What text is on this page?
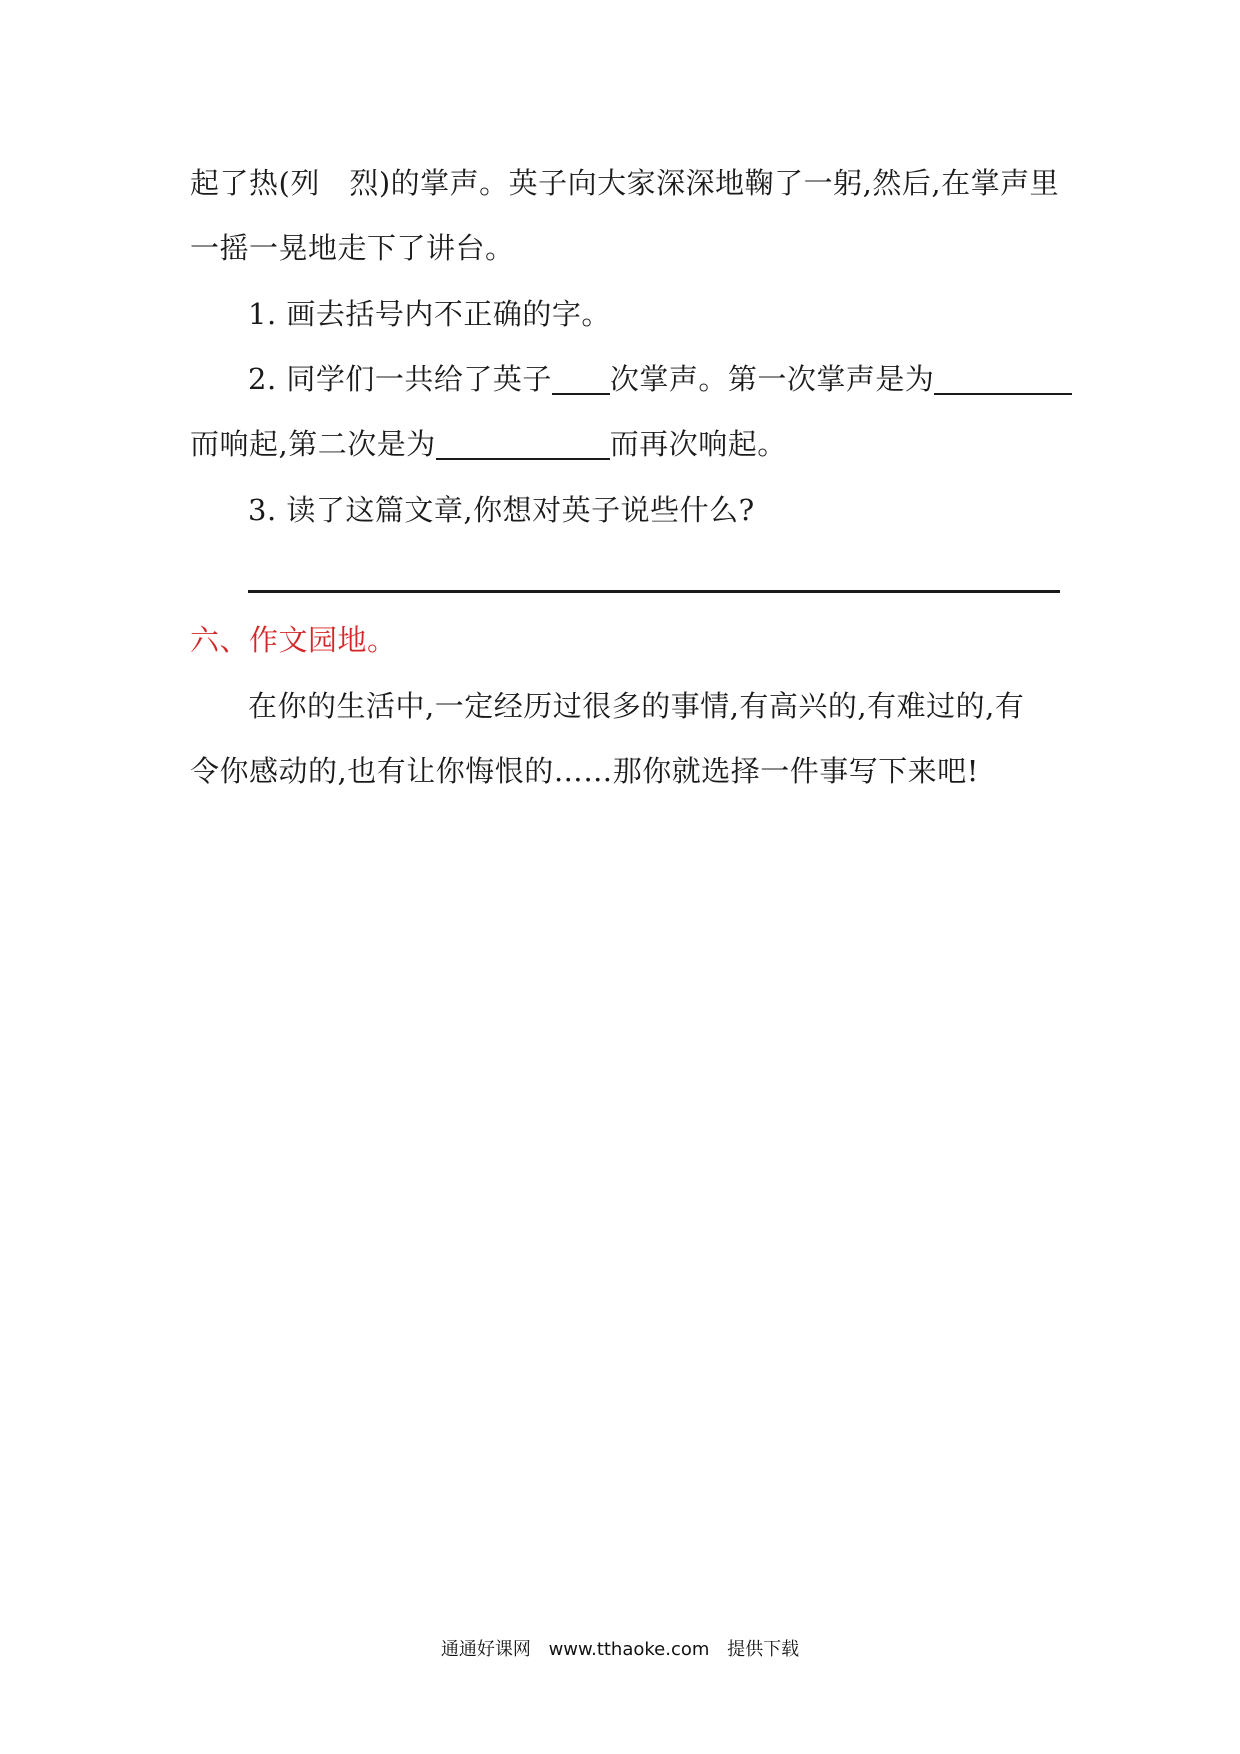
起了热(列　烈)的掌声。英子向大家深深地鞠了一躬,然后,在掌声里
一摇一晃地走下了讲台。
1. 画去括号内不正确的字。
2. 同学们一共给了英子 次掌声。第一次掌声是为
而响起,第二次是为	而再次响起。
3. 读了这篇文章,你想对英子说些什么?
六、作文园地。
在你的生活中,一定经历过很多的事情,有高兴的,有难过的,有
令你感动的,也有让你悔恨的……那你就选择一件事写下来吧!
通通好课网 www.tthaoke.com 提供下载
